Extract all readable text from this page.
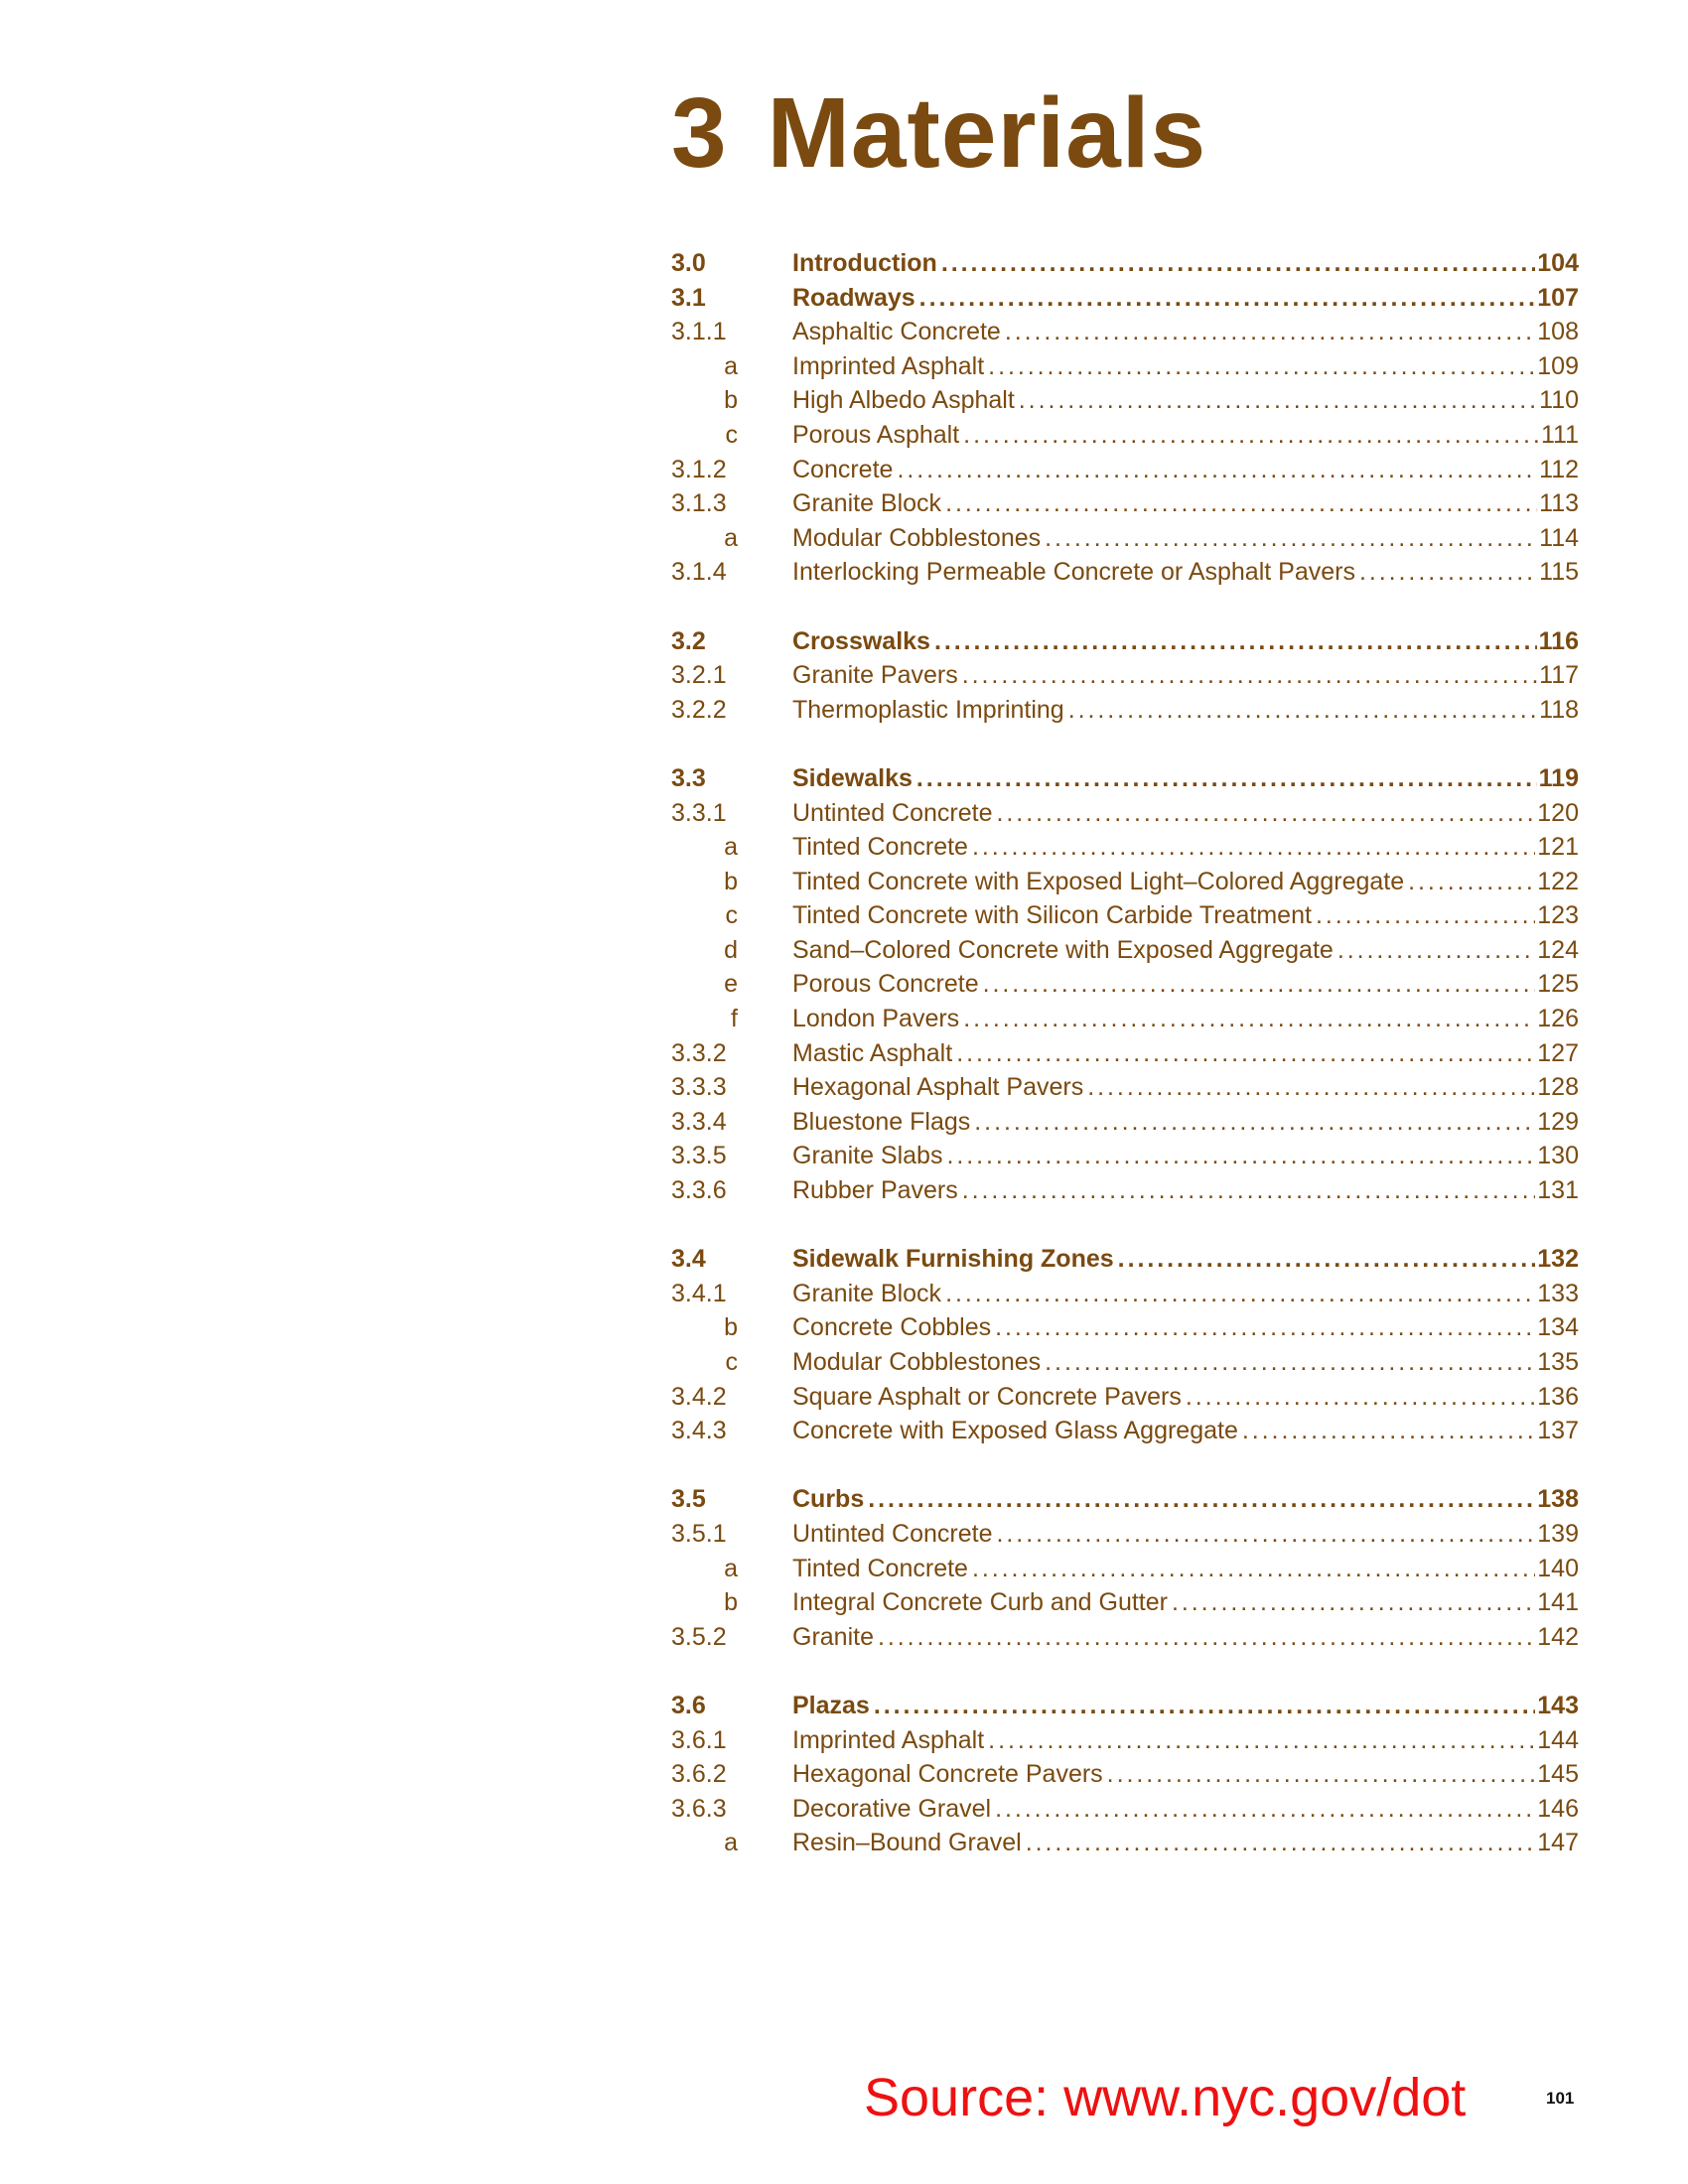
3 Materials
3.0	Introduction . . .	104
3.1	Roadways . . .	107
3.1.1	Asphaltic Concrete . . .	108
a Imprinted Asphalt . . .	109
b High Albedo Asphalt . . .	110
c Porous Asphalt . . .	111
3.1.2	Concrete . . .	112
3.1.3	Granite Block . . .	113
a Modular Cobblestones . . .	114
3.1.4	Interlocking Permeable Concrete or Asphalt Pavers . . .	115
3.2	Crosswalks . . .	116
3.2.1	Granite Pavers . . .	117
3.2.2	Thermoplastic Imprinting . . .	118
3.3	Sidewalks . . .	119
3.3.1	Untinted Concrete . . .	120
a Tinted Concrete . . .	121
b Tinted Concrete with Exposed Light–Colored Aggregate . . .	122
c Tinted Concrete with Silicon Carbide Treatment . . .	123
d Sand–Colored Concrete with Exposed Aggregate . . .	124
e Porous Concrete . . .	125
f London Pavers . . .	126
3.3.2	Mastic Asphalt . . .	127
3.3.3	Hexagonal Asphalt Pavers . . .	128
3.3.4	Bluestone Flags . . .	129
3.3.5	Granite Slabs . . .	130
3.3.6	Rubber Pavers . . .	131
3.4	Sidewalk Furnishing Zones . . .	132
3.4.1	Granite Block . . .	133
b Concrete Cobbles . . .	134
c Modular Cobblestones . . .	135
3.4.2	Square Asphalt or Concrete Pavers . . .	136
3.4.3	Concrete with Exposed Glass Aggregate . . .	137
3.5	Curbs . . .	138
3.5.1	Untinted Concrete . . .	139
a Tinted Concrete . . .	140
b Integral Concrete Curb and Gutter . . .	141
3.5.2	Granite . . .	142
3.6	Plazas . . .	143
3.6.1	Imprinted Asphalt . . .	144
3.6.2	Hexagonal Concrete Pavers . . .	145
3.6.3	Decorative Gravel . . .	146
a Resin–Bound Gravel . . .	147
Source: www.nyc.gov/dot	101
